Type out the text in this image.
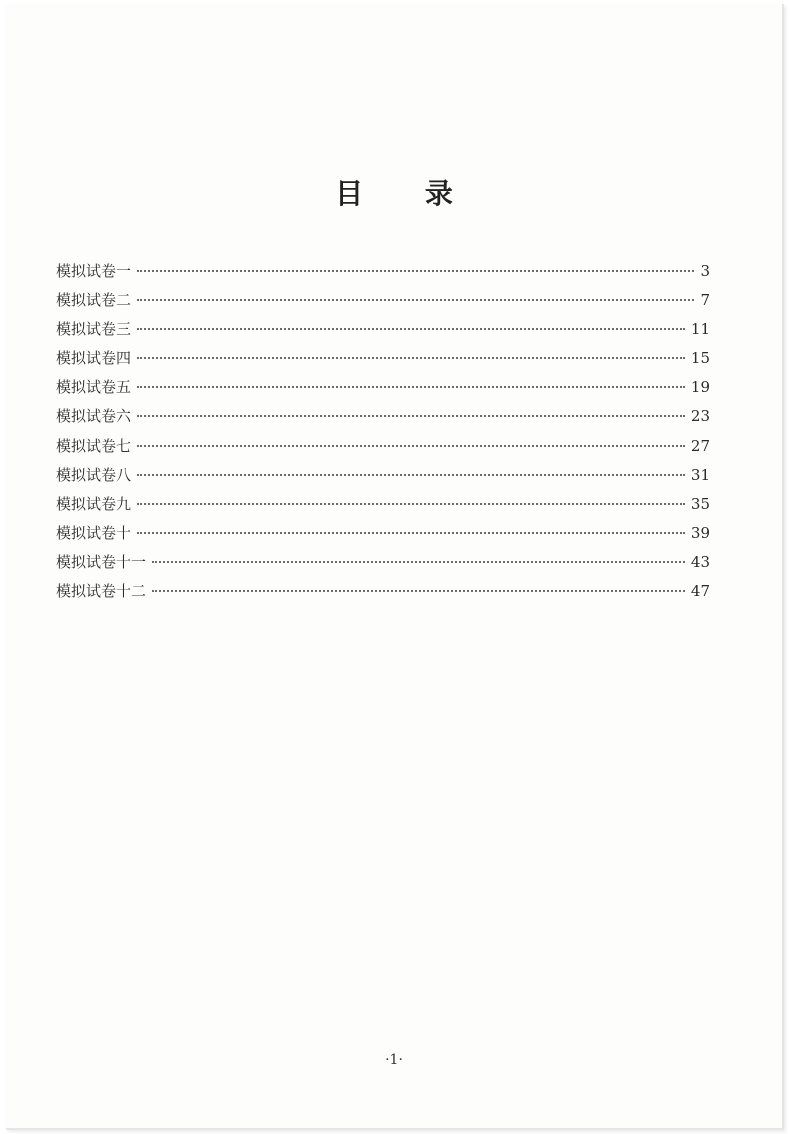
目 录
模拟试卷一	3
模拟试卷二	7
模拟试卷三	11
模拟试卷四	15
模拟试卷五	19
模拟试卷六	23
模拟试卷七	27
模拟试卷八	31
模拟试卷九	35
模拟试卷十	39
模拟试卷十一	43
模拟试卷十二	47
·1·
